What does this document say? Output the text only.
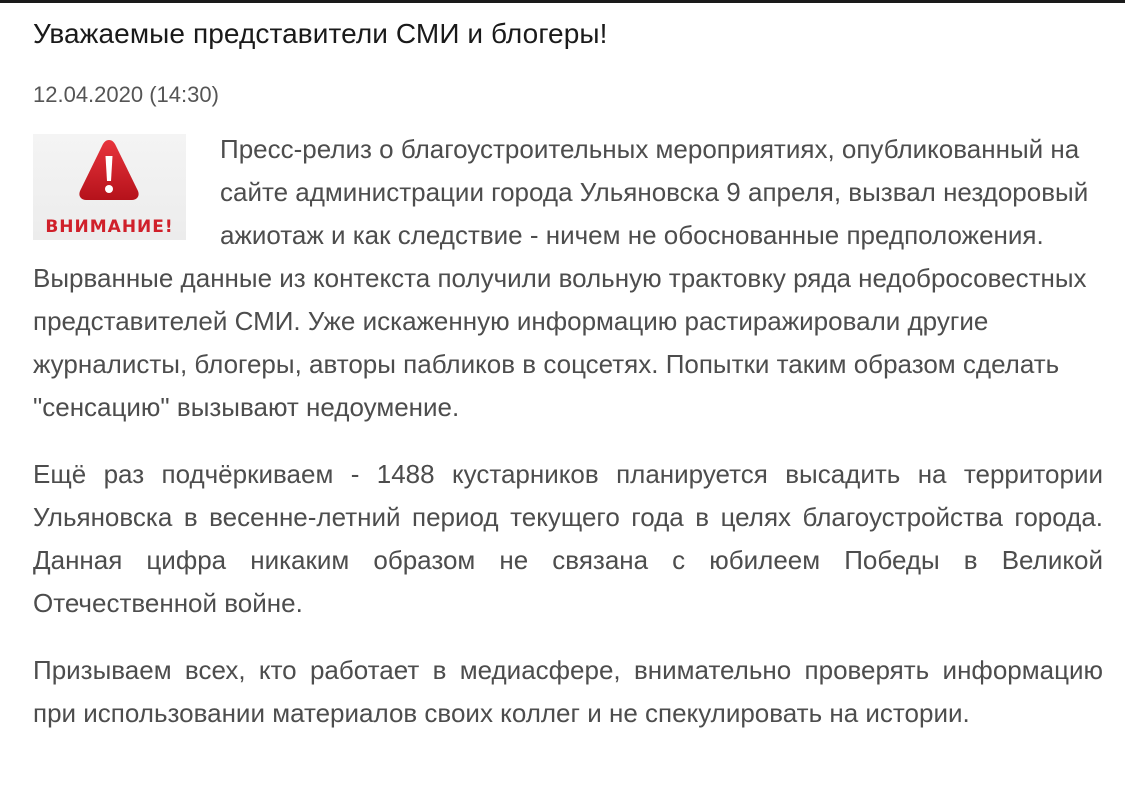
Уважаемые представители СМИ и блогеры!
12.04.2020 (14:30)
ВНИМАНИЕ!

Пресс-релиз о благоустроительных мероприятиях, опубликованный на сайте администрации города Ульяновска 9 апреля, вызвал нездоровый ажиотаж и как следствие - ничем не обоснованные предположения. Вырванные данные из контекста получили вольную трактовку ряда недобросовестных представителей СМИ. Уже искаженную информацию растиражировали другие журналисты, блогеры, авторы пабликов в соцсетях. Попытки таким образом сделать "сенсацию" вызывают недоумение.

Ещё раз подчёркиваем - 1488 кустарников планируется высадить на территории Ульяновска в весенне-летний период текущего года в целях благоустройства города. Данная цифра никаким образом не связана с юбилеем Победы в Великой Отечественной войне.

Призываем всех, кто работает в медиасфере, внимательно проверять информацию при использовании материалов своих коллег и не спекулировать на истории.
